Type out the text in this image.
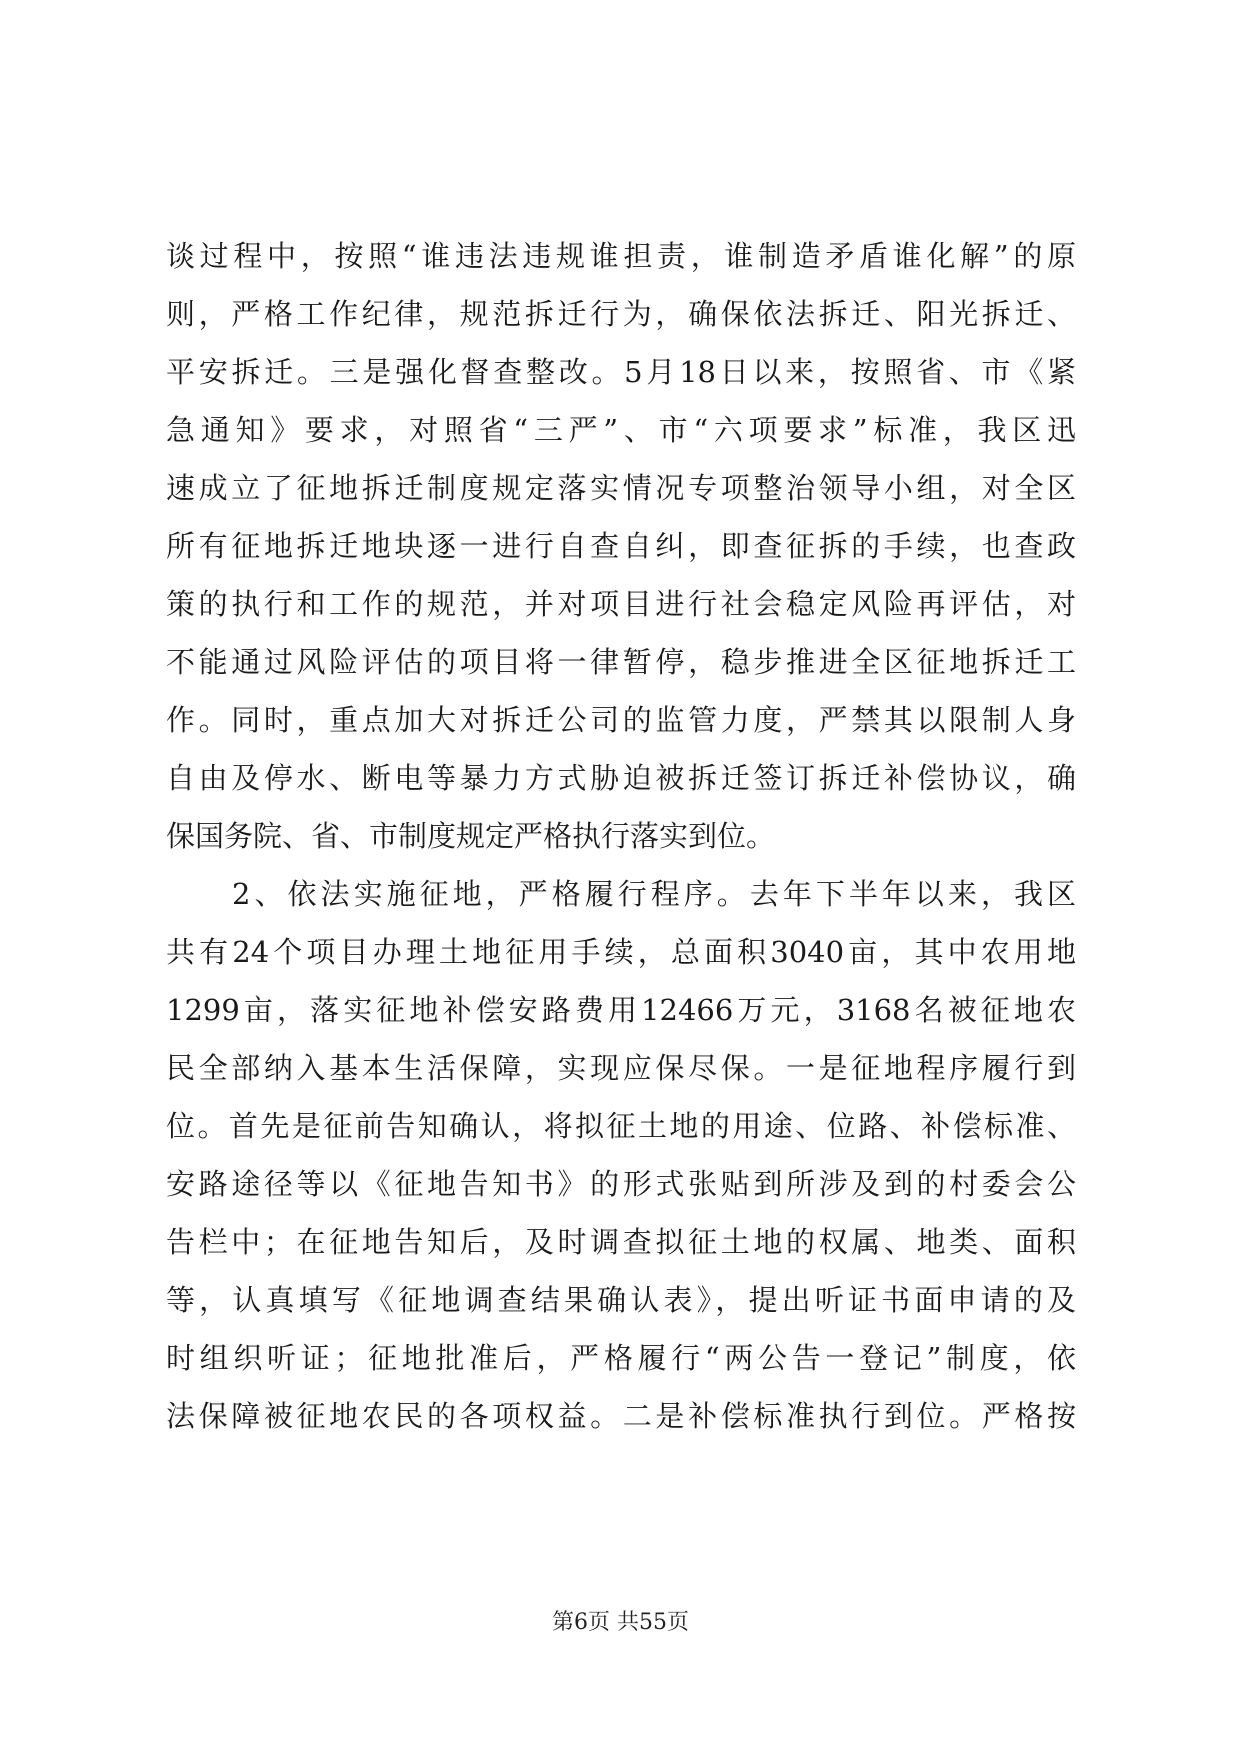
谈过程中，按照“谁违法违规谁担责，谁制造矛盾谁化解”的原
则，严格工作纪律，规范拆迁行为，确保依法拆迁、阳光拆迁、
平安拆迁。三是强化督查整改。5月18日以来，按照省、市《紧
急通知》要求，对照省“三严”、市“六项要求”标准，我区迅
速成立了征地拆迁制度规定落实情况专项整治领导小组，对全区
所有征地拆迁地块逐一进行自查自纠，即查征拆的手续，也查政
策的执行和工作的规范，并对项目进行社会稳定风险再评估，对
不能通过风险评估的项目将一律暂停，稳步推进全区征地拆迁工
作。同时，重点加大对拆迁公司的监管力度，严禁其以限制人身
自由及停水、断电等暴力方式胁迫被拆迁签订拆迁补偿协议，确
保国务院、省、市制度规定严格执行落实到位。
　　2、依法实施征地，严格履行程序。去年下半年以来，我区
共有24个项目办理土地征用手续，总面积3040亩，其中农用地
1299亩，落实征地补偿安路费用12466万元，3168名被征地农
民全部纳入基本生活保障，实现应保尽保。一是征地程序履行到
位。首先是征前告知确认，将拟征土地的用途、位路、补偿标准、
安路途径等以《征地告知书》的形式张贴到所涉及到的村委会公
告栏中；在征地告知后，及时调查拟征土地的权属、地类、面积
等，认真填写《征地调查结果确认表》，提出听证书面申请的及
时组织听证；征地批准后，严格履行“两公告一登记”制度，依
法保障被征地农民的各项权益。二是补偿标准执行到位。严格按
第6页 共55页
